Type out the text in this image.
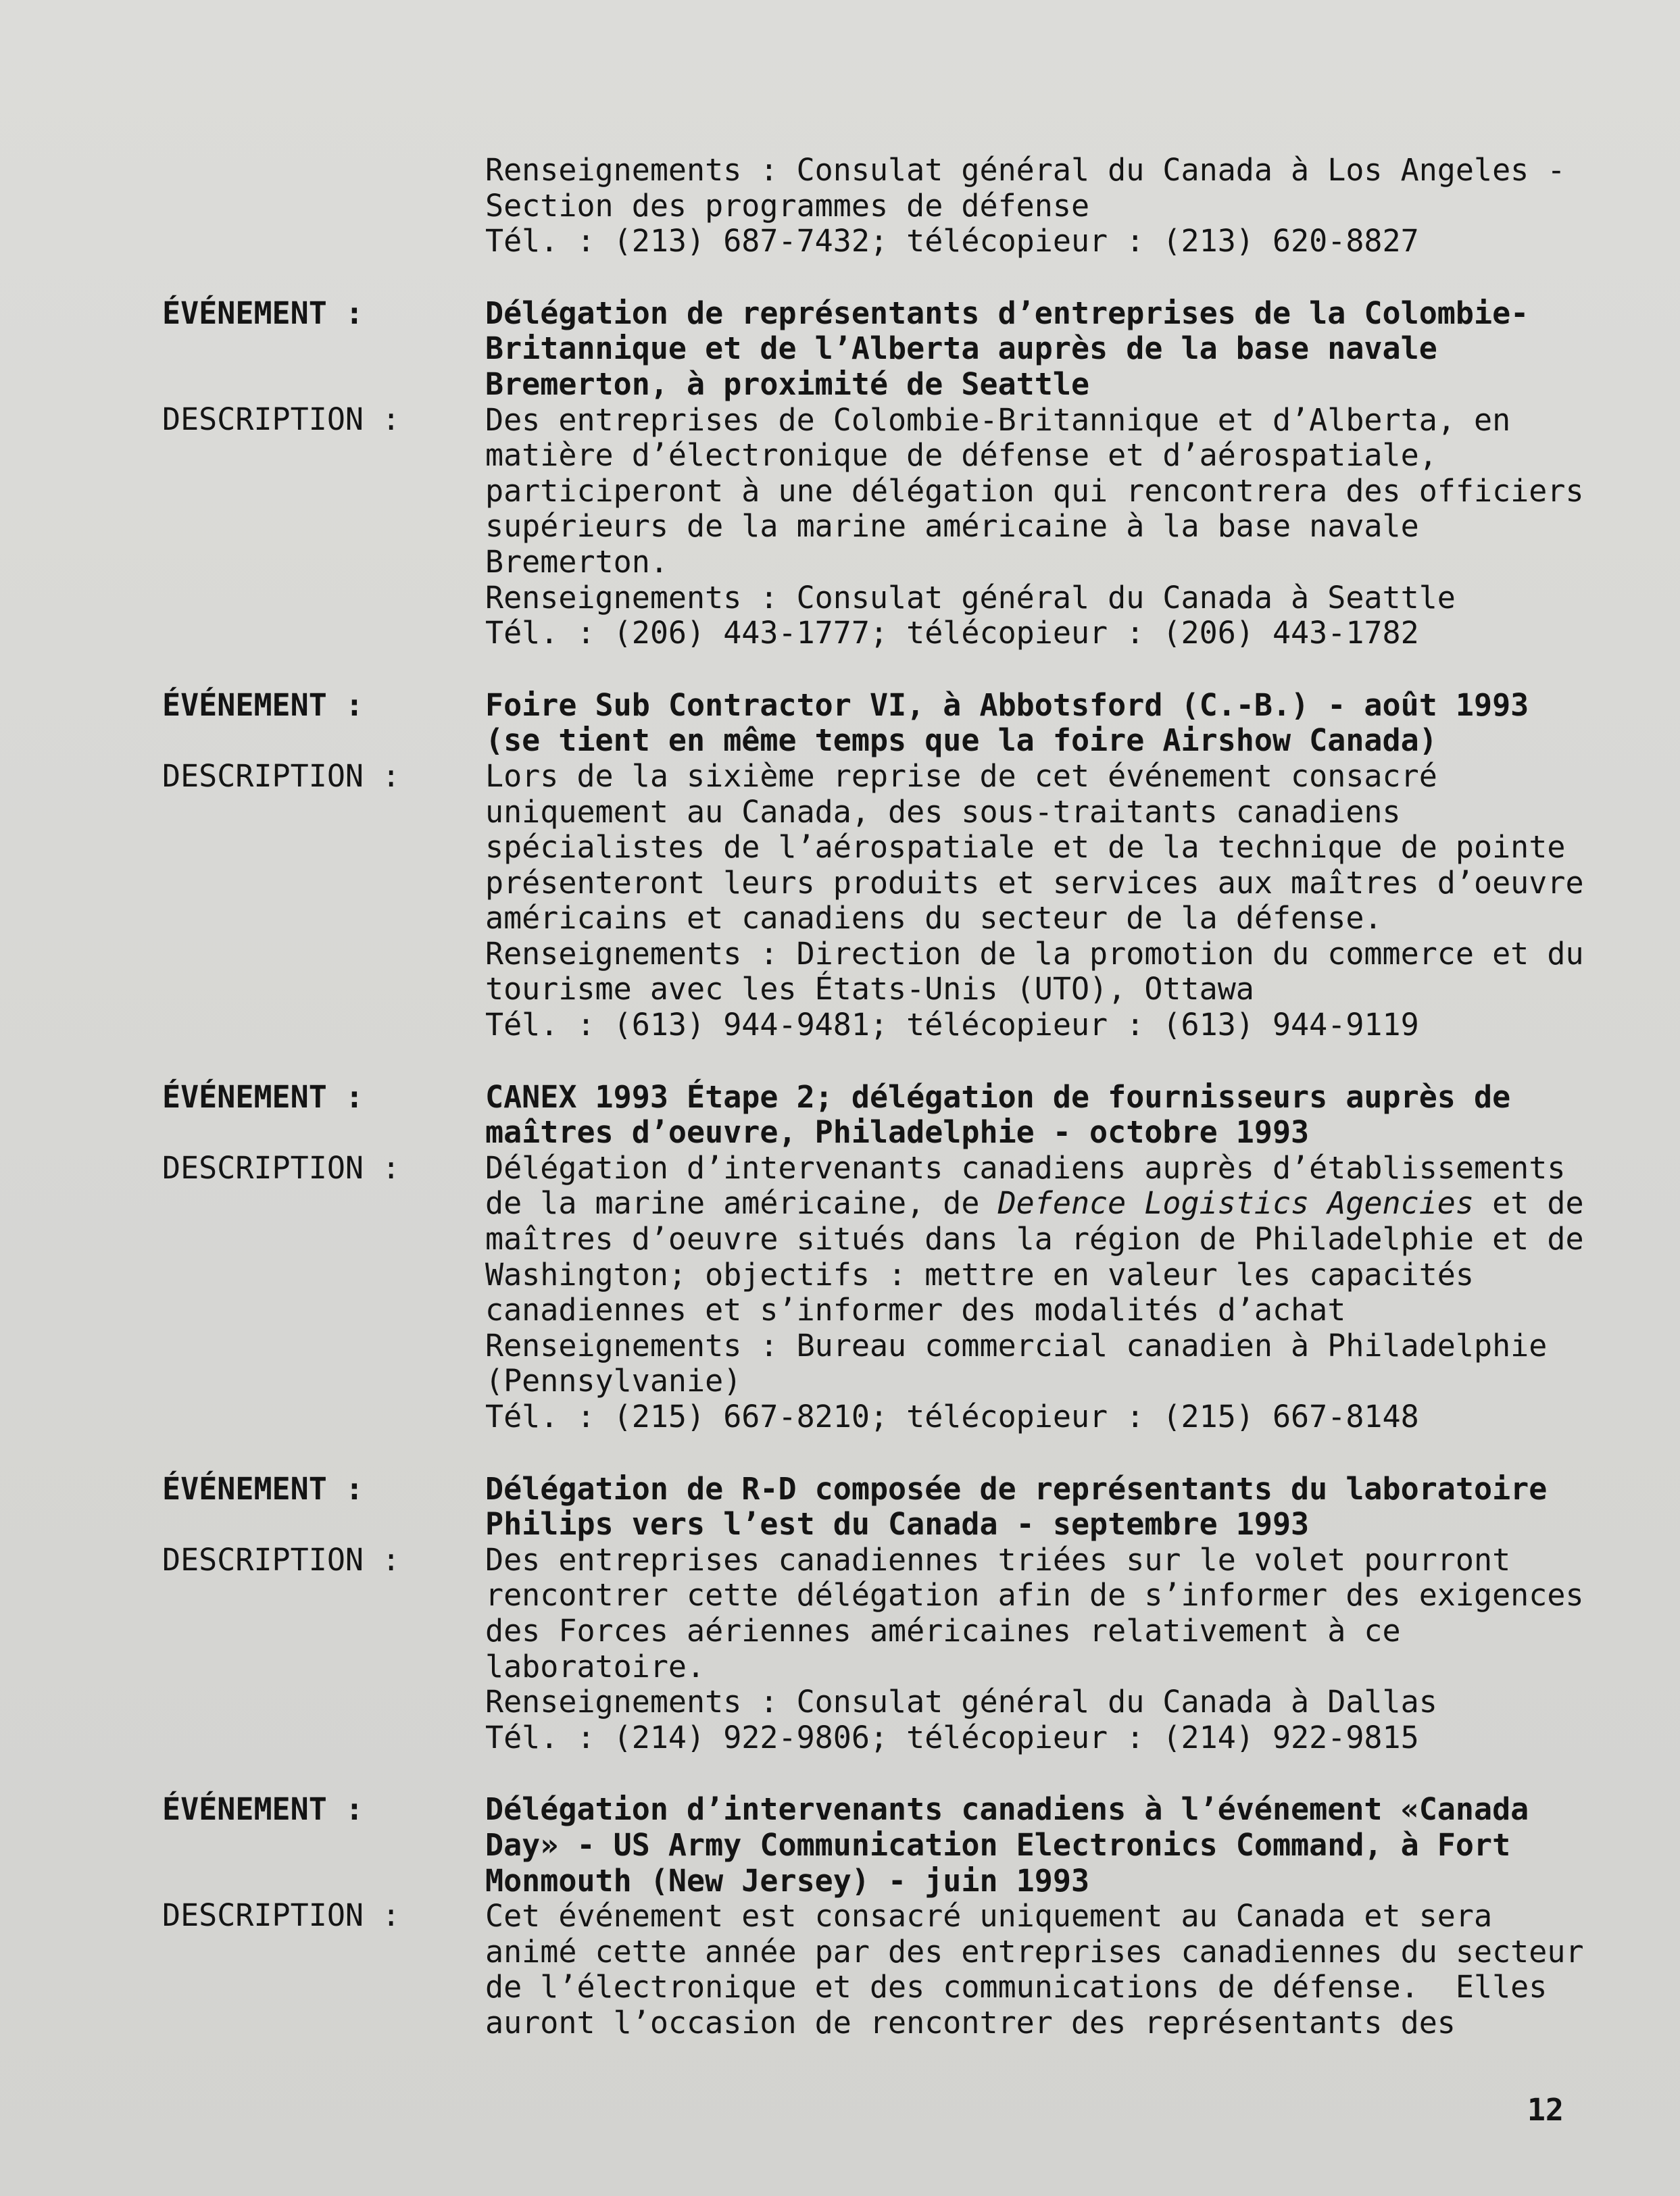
Renseignements : Consulat général du Canada à Los Angeles -
Section des programmes de défense
Tél. : (213) 687-7432; télécopieur : (213) 620-8827
ÉVÉNEMENT :
DESCRIPTION :
Délégation de représentants d’entreprises de la Colombie-
Britannique et de l’Alberta auprès de la base navale
Bremerton, à proximité de Seattle
Des entreprises de Colombie-Britannique et d’Alberta, en
matière d’électronique de défense et d’aérospatiale,
participeront à une délégation qui rencontrera des officiers
supérieurs de la marine américaine à la base navale
Bremerton.
Renseignements : Consulat général du Canada à Seattle
Tél. : (206) 443-1777; télécopieur : (206) 443-1782
ÉVÉNEMENT :
DESCRIPTION :
Foire Sub Contractor VI, à Abbotsford (C.-B.) - août 1993
(se tient en même temps que la foire Airshow Canada)
Lors de la sixième reprise de cet événement consacré
uniquement au Canada, des sous-traitants canadiens
spécialistes de l’aérospatiale et de la technique de pointe
présenteront leurs produits et services aux maîtres d’oeuvre
américains et canadiens du secteur de la défense.
Renseignements : Direction de la promotion du commerce et du
tourisme avec les États-Unis (UTO), Ottawa
Tél. : (613) 944-9481; télécopieur : (613) 944-9119
ÉVÉNEMENT :
DESCRIPTION :
CANEX 1993 Étape 2; délégation de fournisseurs auprès de
maîtres d’oeuvre, Philadelphie - octobre 1993
Délégation d’intervenants canadiens auprès d’établissements
de la marine américaine, de Defence Logistics Agencies et de
maîtres d’oeuvre situés dans la région de Philadelphie et de
Washington; objectifs : mettre en valeur les capacités
canadiennes et s’informer des modalités d’achat
Renseignements : Bureau commercial canadien à Philadelphie
(Pennsylvanie)
Tél. : (215) 667-8210; télécopieur : (215) 667-8148
ÉVÉNEMENT :
DESCRIPTION :
Délégation de R-D composée de représentants du laboratoire
Philips vers l’est du Canada - septembre 1993
Des entreprises canadiennes triées sur le volet pourront
rencontrer cette délégation afin de s’informer des exigences
des Forces aériennes américaines relativement à ce
laboratoire.
Renseignements : Consulat général du Canada à Dallas
Tél. : (214) 922-9806; télécopieur : (214) 922-9815
ÉVÉNEMENT :
DESCRIPTION :
Délégation d’intervenants canadiens à l’événement «Canada
Day» - US Army Communication Electronics Command, à Fort
Monmouth (New Jersey) - juin 1993
Cet événement est consacré uniquement au Canada et sera
animé cette année par des entreprises canadiennes du secteur
de l’électronique et des communications de défense.  Elles
auront l’occasion de rencontrer des représentants des
12
